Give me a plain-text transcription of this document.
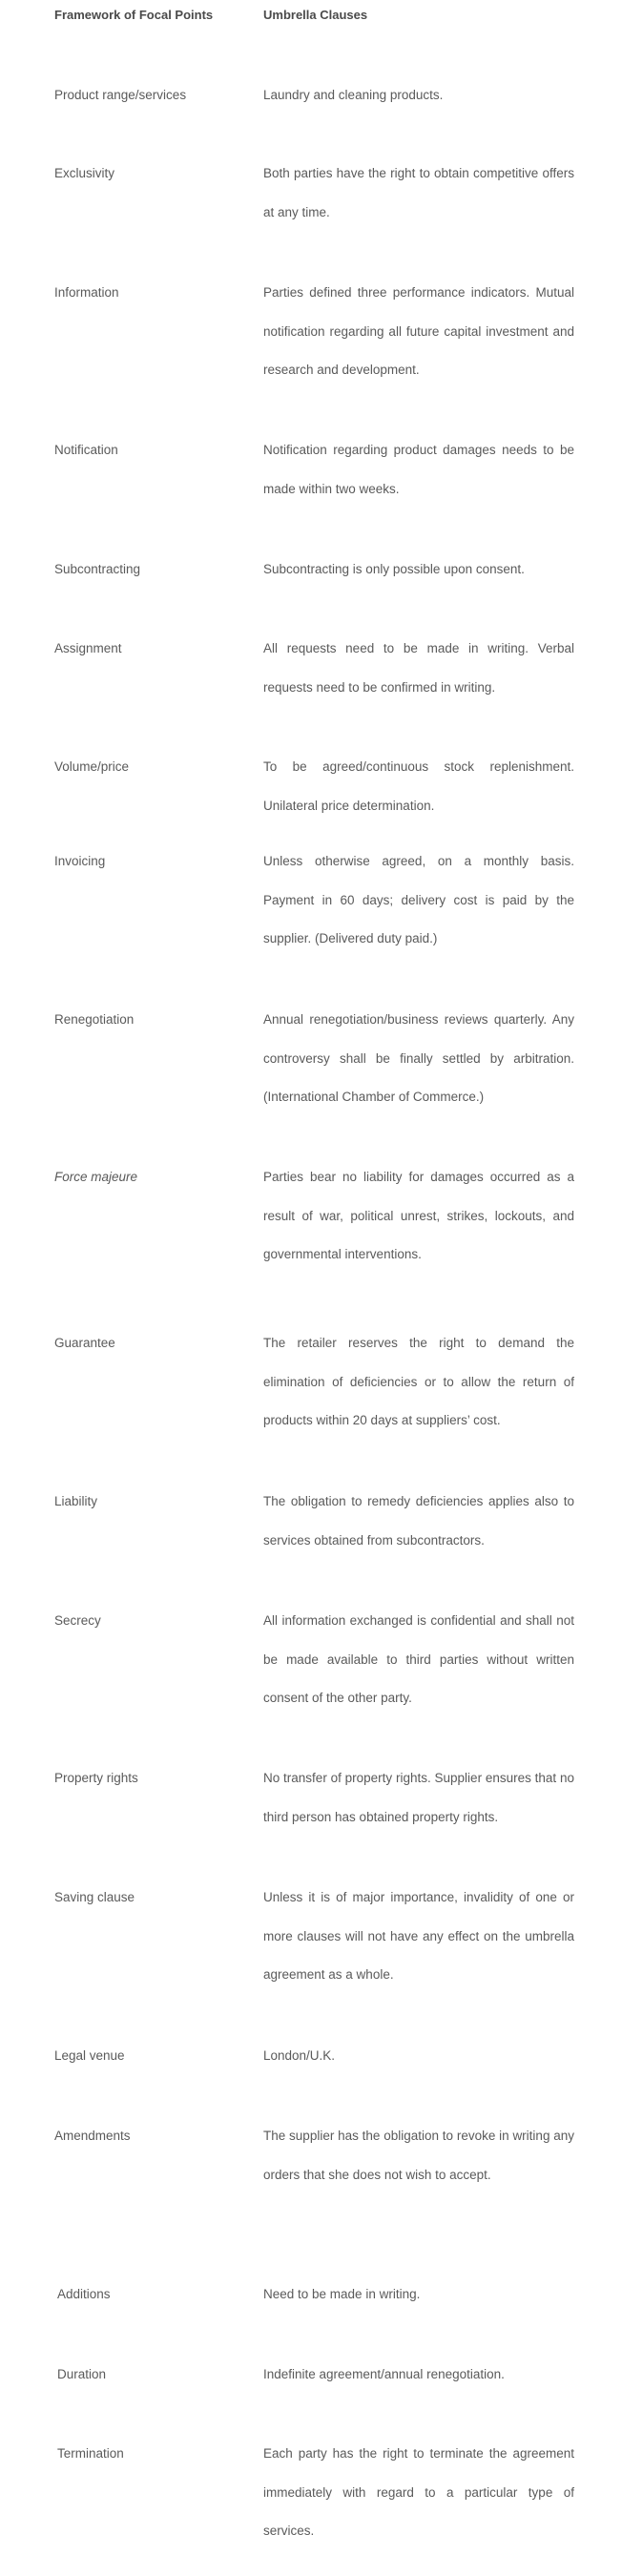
Framework of Focal Points	Umbrella Clauses
Product range/services	Laundry and cleaning products.
Exclusivity	Both parties have the right to obtain competitive offers at any time.
Information	Parties defined three performance indicators. Mutual notification regarding all future capital investment and research and development.
Notification	Notification regarding product damages needs to be made within two weeks.
Subcontracting	Subcontracting is only possible upon consent.
Assignment	All requests need to be made in writing. Verbal requests need to be confirmed in writing.
Volume/price	To be agreed/continuous stock replenishment. Unilateral price determination.
Invoicing	Unless otherwise agreed, on a monthly basis. Payment in 60 days; delivery cost is paid by the supplier. (Delivered duty paid.)
Renegotiation	Annual renegotiation/business reviews quarterly. Any controversy shall be finally settled by arbitration. (International Chamber of Commerce.)
Force majeure	Parties bear no liability for damages occurred as a result of war, political unrest, strikes, lockouts, and governmental interventions.
Guarantee	The retailer reserves the right to demand the elimination of deficiencies or to allow the return of products within 20 days at suppliers’ cost.
Liability	The obligation to remedy deficiencies applies also to services obtained from subcontractors.
Secrecy	All information exchanged is confidential and shall not be made available to third parties without written consent of the other party.
Property rights	No transfer of property rights. Supplier ensures that no third person has obtained property rights.
Saving clause	Unless it is of major importance, invalidity of one or more clauses will not have any effect on the umbrella agreement as a whole.
Legal venue	London/U.K.
Amendments	The supplier has the obligation to revoke in writing any orders that she does not wish to accept.
Additions	Need to be made in writing.
Duration	Indefinite agreement/annual renegotiation.
Termination	Each party has the right to terminate the agreement immediately with regard to a particular type of services.
